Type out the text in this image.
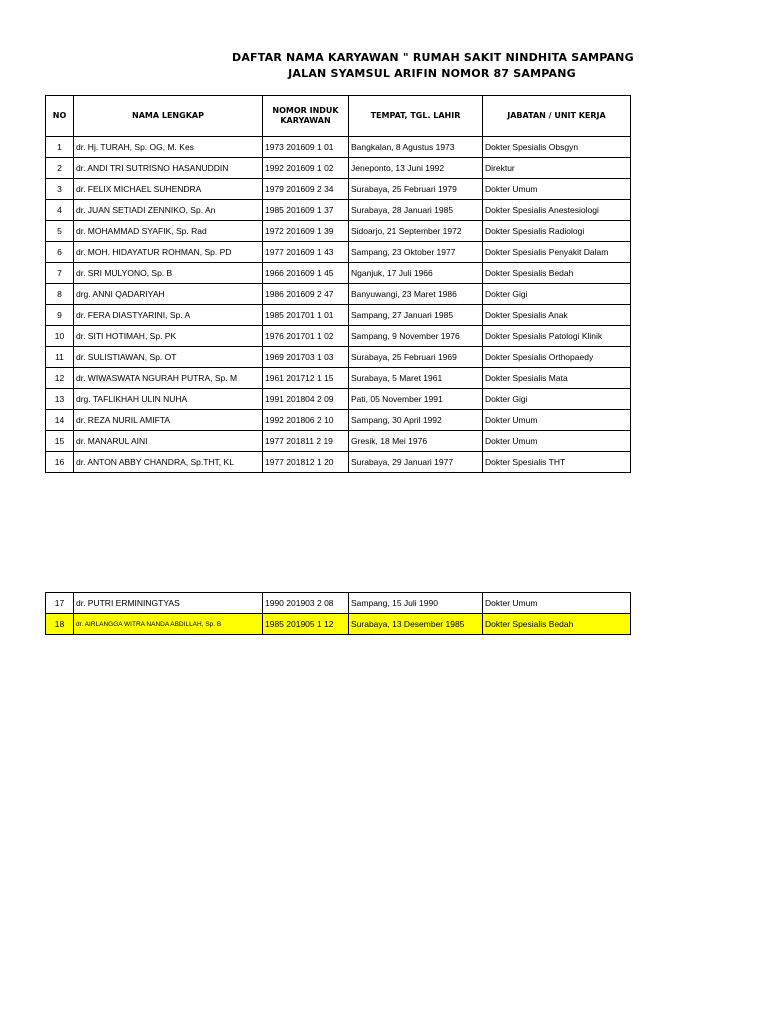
DAFTAR NAMA KARYAWAN " RUMAH SAKIT NINDHITA SAMPANG
JALAN SYAMSUL ARIFIN NOMOR 87 SAMPANG
NO	NAMA LENGKAP	NOMOR INDUK KARYAWAN	TEMPAT, TGL. LAHIR	JABATAN / UNIT KERJA
1	dr. Hj. TURAH, Sp. OG, M. Kes	1973 201609 1 01	Bangkalan, 8 Agustus 1973	Dokter Spesialis Obsgyn
2	dr. ANDI TRI SUTRISNO HASANUDDIN	1992 201609 1 02	Jeneponto, 13 Juni 1992	Direktur
3	dr. FELIX MICHAEL SUHENDRA	1979 201609 2 34	Surabaya, 25 Februari 1979	Dokter Umum
4	dr. JUAN SETIADI ZENNIKO, Sp. An	1985 201609 1 37	Surabaya, 28 Januari 1985	Dokter Spesialis Anestesiologi
5	dr. MOHAMMAD SYAFIK, Sp. Rad	1972 201609 1 39	Sidoarjo, 21 September 1972	Dokter Spesialis Radiologi
6	dr. MOH. HIDAYATUR ROHMAN, Sp. PD	1977 201609 1 43	Sampang, 23 Oktober 1977	Dokter Spesialis Penyakit Dalam
7	dr. SRI MULYONO, Sp. B	1966 201609 1 45	Nganjuk, 17 Juli 1966	Dokter Spesialis Bedah
8	drg. ANNI QADARIYAH	1986 201609 2 47	Banyuwangi, 23 Maret 1986	Dokter Gigi
9	dr. FERA DIASTYARINI, Sp. A	1985 201701 1 01	Sampang, 27 Januari 1985	Dokter Spesialis Anak
10	dr. SITI HOTIMAH, Sp. PK	1976 201701 1 02	Sampang, 9 November 1976	Dokter Spesialis Patologi Klinik
11	dr. SULISTIAWAN, Sp. OT	1969 201703 1 03	Surabaya, 25 Februari 1969	Dokter Spesialis Orthopaedy
12	dr. WIWASWATA NGURAH PUTRA, Sp. M	1961 201712 1 15	Surabaya, 5 Maret 1961	Dokter Spesialis Mata
13	drg. TAFLIKHAH ULIN NUHA	1991 201804 2 09	Pati, 05 November 1991	Dokter Gigi
14	dr. REZA NURIL AMIFTA	1992 201806 2 10	Sampang, 30 April 1992	Dokter Umum
15	dr. MANARUL AINI	1977 201811 2 19	Gresik, 18 Mei 1976	Dokter Umum
16	dr. ANTON ABBY CHANDRA, Sp.THT, KL	1977 201812 1 20	Surabaya, 29 Januari 1977	Dokter Spesialis THT
17	dr. PUTRI ERMININGTYAS	1990 201903 2 08	Sampang, 15 Juli 1990	Dokter Umum
18	dr. AIRLANGGA WITRA NANDA ABDILLAH, Sp. B	1985 201905 1 12	Surabaya, 13 Desember 1985	Dokter Spesialis Bedah
